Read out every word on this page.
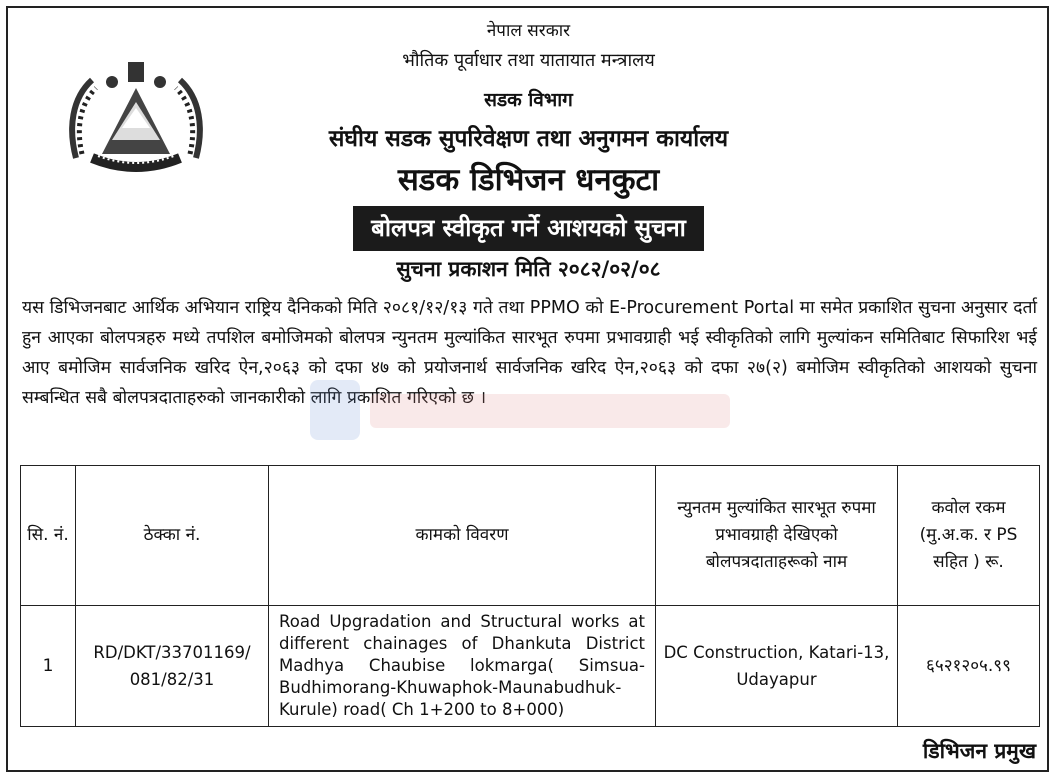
नेपाल सरकार
भौतिक पूर्वाधार तथा यातायात मन्त्रालय
सडक विभाग
संघीय सडक सुपरिवेक्षण तथा अनुगमन कार्यालय
सडक डिभिजन धनकुटा
बोलपत्र स्वीकृत गर्ने आशयको सुचना
सुचना प्रकाशन मिति २०८२/०२/०८
यस डिभिजनबाट आर्थिक अभियान राष्ट्रिय दैनिकको मिति २०८१/१२/१३ गते तथा PPMO को E-Procurement Portal मा समेत प्रकाशित सुचना अनुसार दर्ता हुन आएका बोलपत्रहरु मध्ये तपशिल बमोजिमको बोलपत्र न्युनतम मुल्यांकित सारभूत रुपमा प्रभावग्राही भई स्वीकृतिको लागि मुल्यांकन समितिबाट सिफारिश भई आए बमोजिम सार्वजनिक खरिद ऐन,२०६३ को दफा ४७ को प्रयोजनार्थ सार्वजनिक खरिद ऐन,२०६३ को दफा २७(२) बमोजिम स्वीकृतिको आशयको सुचना सम्बन्धित सबै बोलपत्रदाताहरुको जानकारीको लागि प्रकाशित गरिएको छ ।
सि. नं.	ठेक्का नं.	कामको विवरण	न्युनतम मुल्यांकित सारभूत रुपमा प्रभावग्राही देखिएको बोलपत्रदाताहरूको नाम	कवोल रकम (मु.अ.क. र PS सहित ) रू.
1	RD/DKT/33701169/ 081/82/31	Road Upgradation and Structural works at different chainages of Dhankuta District Madhya Chaubise lokmarga( Simsua-Budhimorang-Khuwaphok-Maunabudhuk-Kurule) road( Ch 1+200 to 8+000)	DC Construction, Katari-13, Udayapur	६५२१२०५.९९
डिभिजन प्रमुख
